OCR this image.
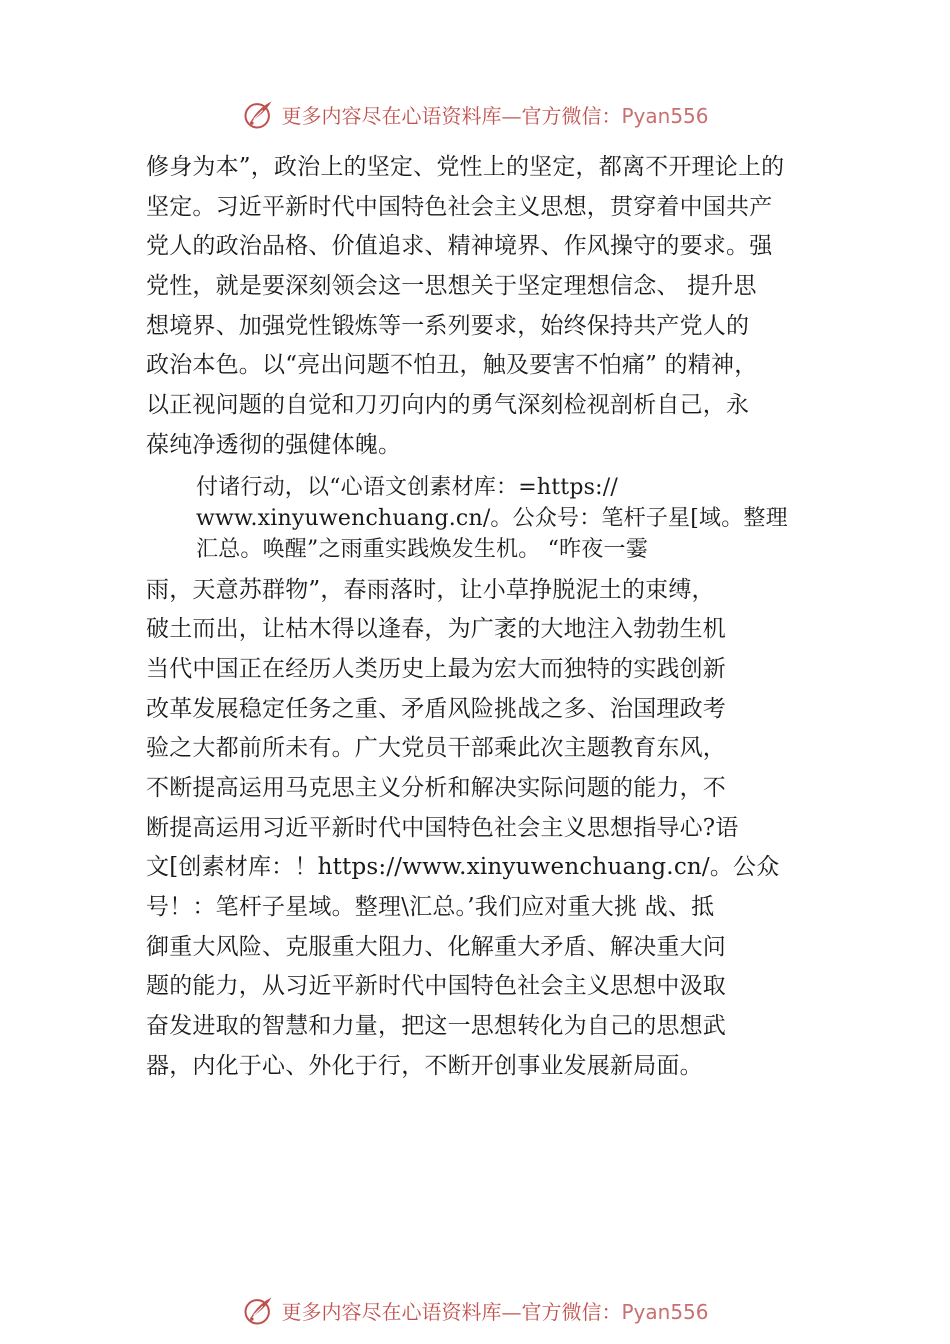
更多内容尽在心语资料库—官方微信：Pyan556
修身为本”，政治上的坚定、党性上的坚定，都离不开理论上的
坚定。习近平新时代中国特色社会主义思想，贯穿着中国共产
党人的政治品格、价值追求、精神境界、作风操守的要求。强
党性，就是要深刻领会这一思想关于坚定理想信念、 提升思
想境界、加强党性锻炼等一系列要求，始终保持共产党人的
政治本色。以“亮出问题不怕丑，触及要害不怕痛” 的精神，
以正视问题的自觉和刀刃向内的勇气深刻检视剖析自己，永
葆纯净透彻的强健体魄。
付诸行动，以“心语文创素材库：=https://
www.xinyuwenchuang.cn/。公众号：笔杆子星[域。整理
汇总。唤醒”之雨重实践焕发生机。 “昨夜一霎
雨，天意苏群物”，春雨落时，让小草挣脱泥土的束缚，
破土而出，让枯木得以逢春，为广袤的大地注入勃勃生机
当代中国正在经历人类历史上最为宏大而独特的实践创新
改革发展稳定任务之重、矛盾风险挑战之多、治国理政考
验之大都前所未有。广大党员干部乘此次主题教育东风，
不断提高运用马克思主义分析和解决实际问题的能力，不
断提高运用习近平新时代中国特色社会主义思想指导心?语
文[创素材库：！https://www.xinyuwenchuang.cn/。公众
号！：笔杆子星域。整理\汇总。’我们应对重大挑 战、抵
御重大风险、克服重大阻力、化解重大矛盾、解决重大问
题的能力，从习近平新时代中国特色社会主义思想中汲取
奋发进取的智慧和力量，把这一思想转化为自己的思想武
器，内化于心、外化于行，不断开创事业发展新局面。
更多内容尽在心语资料库—官方微信：Pyan556
